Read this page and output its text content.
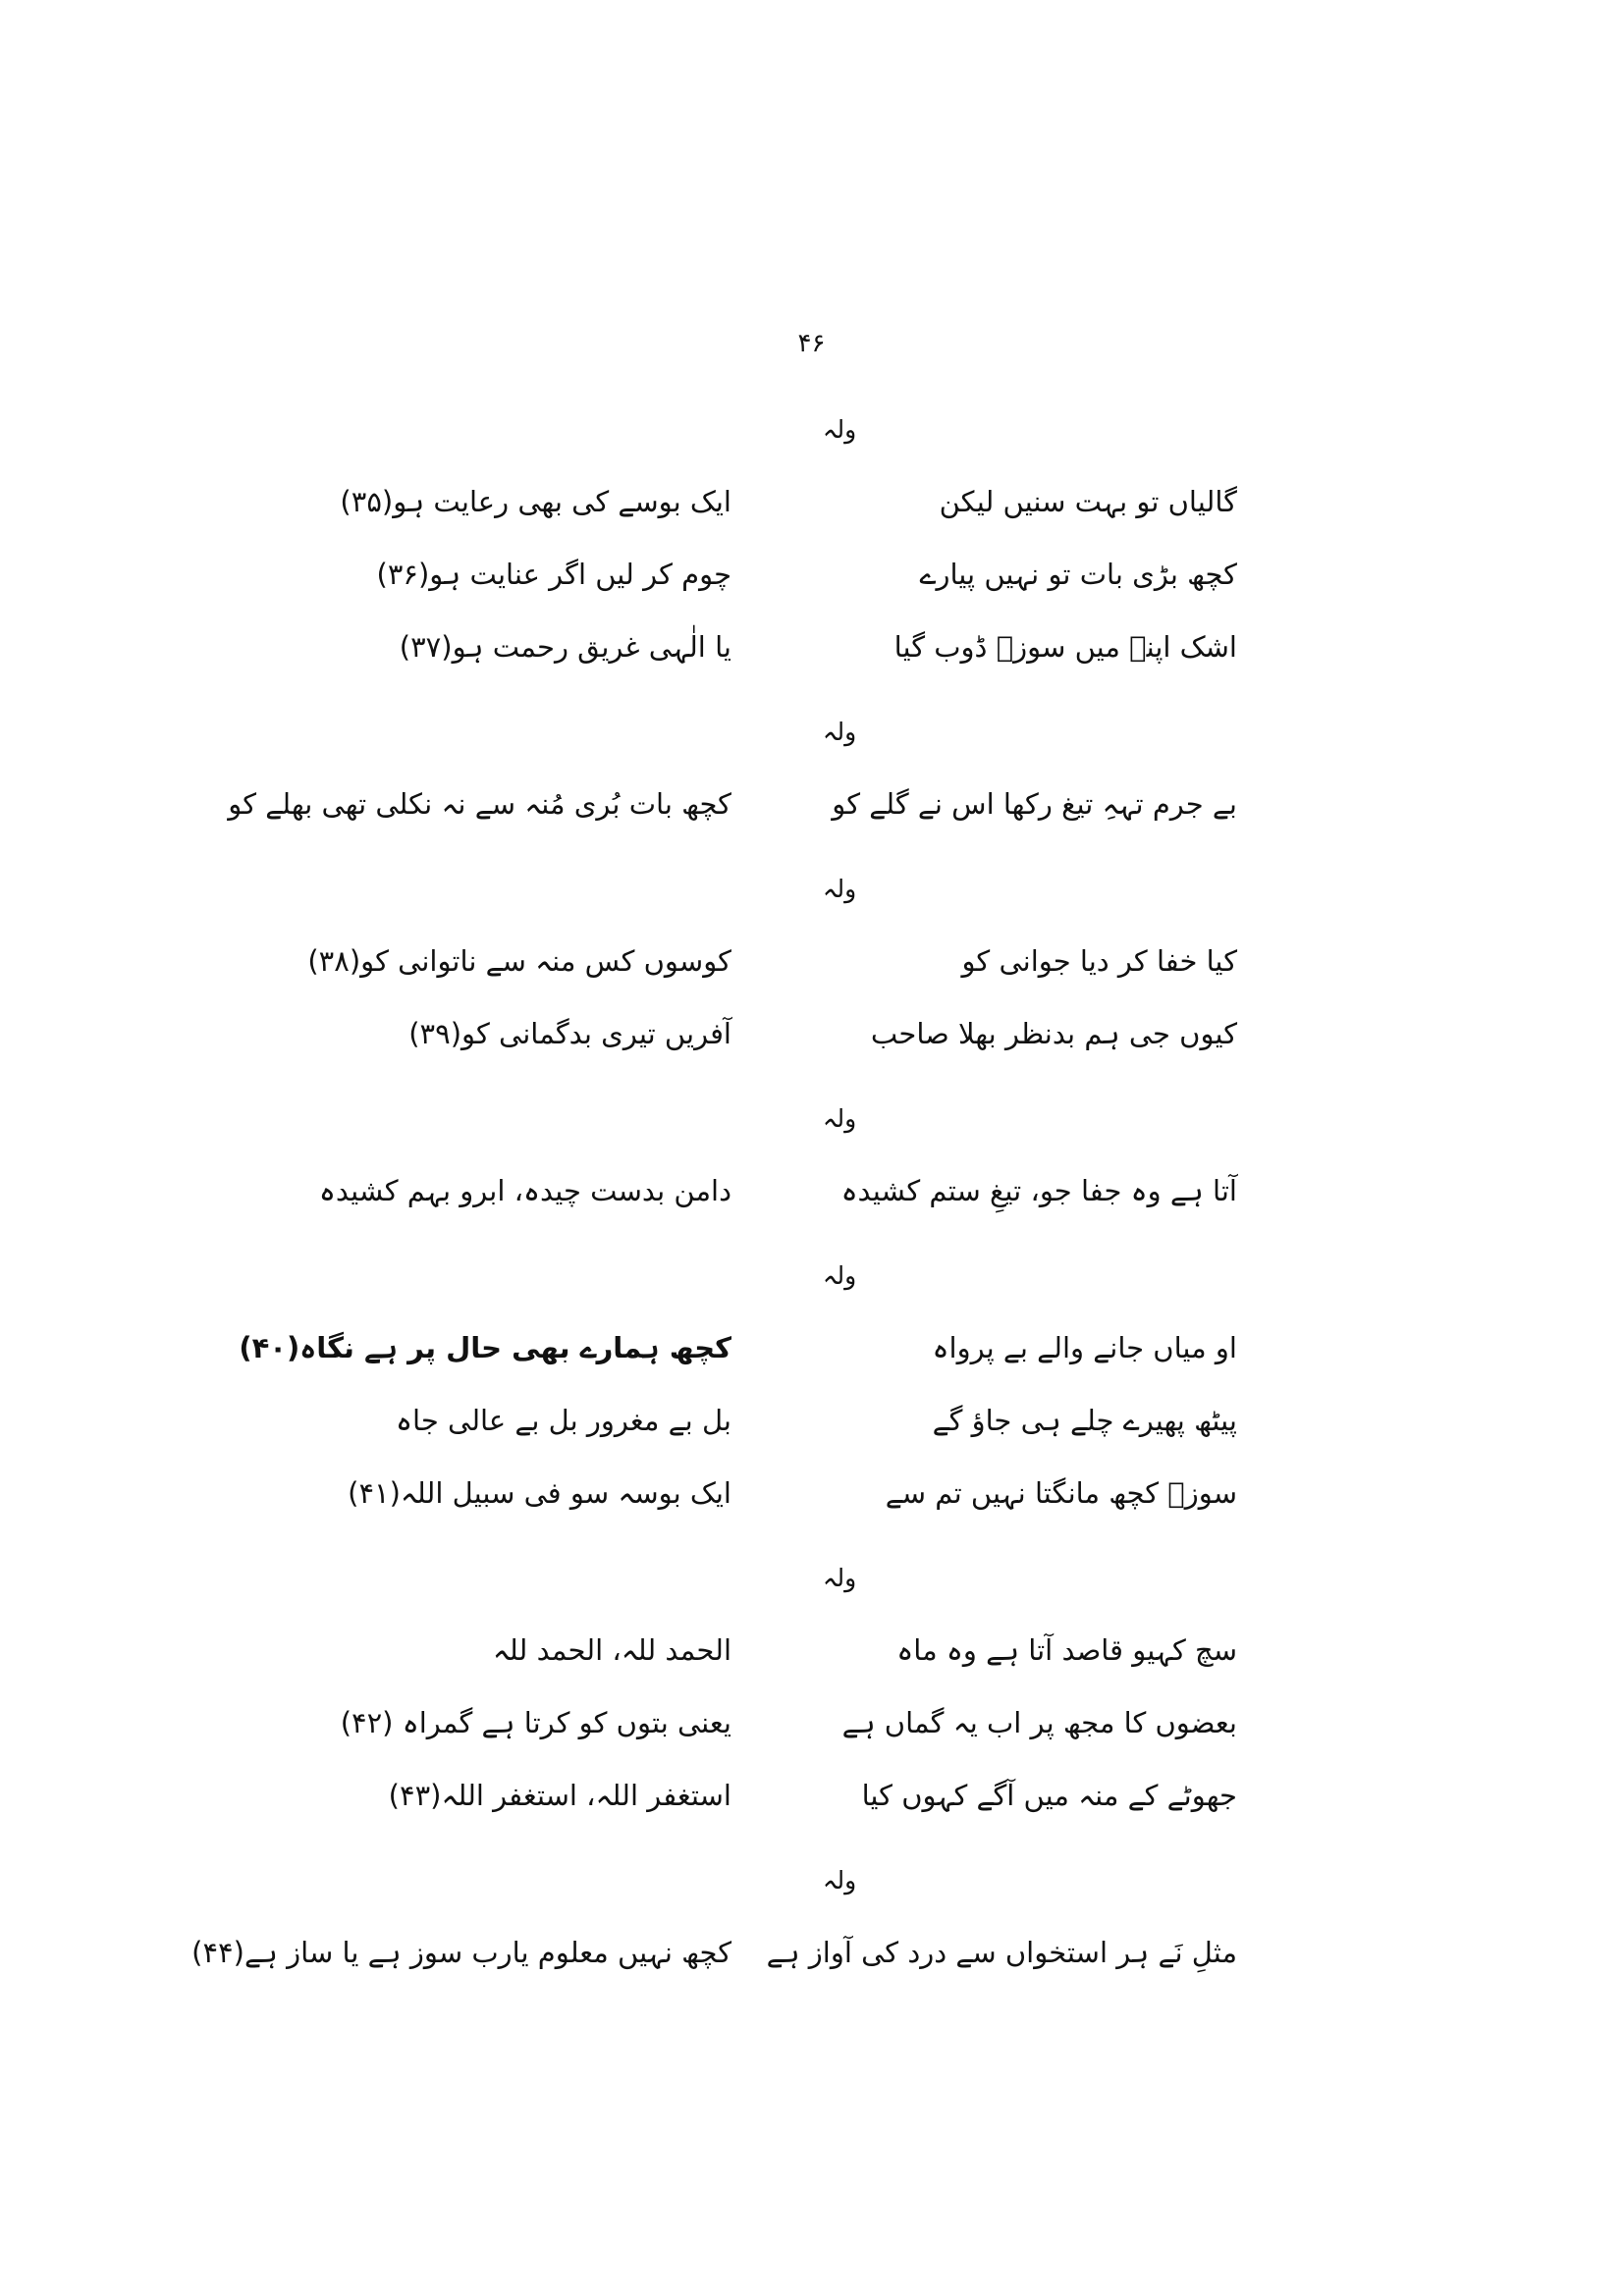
۴۶
ولہ
گالیاں تو بہت سنیں لیکن
ایک بوسے کی بھی رعایت ہو(۳۵)
کچھ بڑی بات تو نہیں پیارے
چوم کر لیں اگر عنایت ہو(۳۶)
اشک اپنے میں سوزؔ ڈوب گیا
یا الٰہی غریق رحمت ہو(۳۷)
ولہ
بے جرم تہہِ تیغ رکھا اس نے گلے کو
کچھ بات بُری مُنہ سے نہ نکلی تھی بھلے کو
ولہ
کیا خفا کر دیا جوانی کو
کوسوں کس منہ سے ناتوانی کو(۳۸)
کیوں جی ہم بدنظر بھلا صاحب
آفریں تیری بدگمانی کو(۳۹)
ولہ
آتا ہے وہ جفا جو، تیغِ ستم کشیدہ
دامن بدست چیدہ، ابرو بہم کشیدہ
ولہ
او میاں جانے والے بے پرواہ
کچھ ہمارے بھی حال پر ہے نگاہ(۴۰)
پیٹھ پھیرے چلے ہی جاؤ گے
بل بے مغرور بل بے عالی جاہ
سوزؔ کچھ مانگتا نہیں تم سے
ایک بوسہ سو فی سبیل اللہ(۴۱)
ولہ
سچ کہیو قاصد آتا ہے وہ ماہ
الحمد للہ، الحمد للہ
بعضوں کا مجھ پر اب یہ گماں ہے
یعنی بتوں کو کرتا ہے گمراہ (۴۲)
جھوٹے کے منہ میں آگے کہوں کیا
استغفر اللہ، استغفر اللہ(۴۳)
ولہ
مثلِ نَے ہر استخواں سے درد کی آواز ہے
کچھ نہیں معلوم یارب سوز ہے یا ساز ہے(۴۴)
